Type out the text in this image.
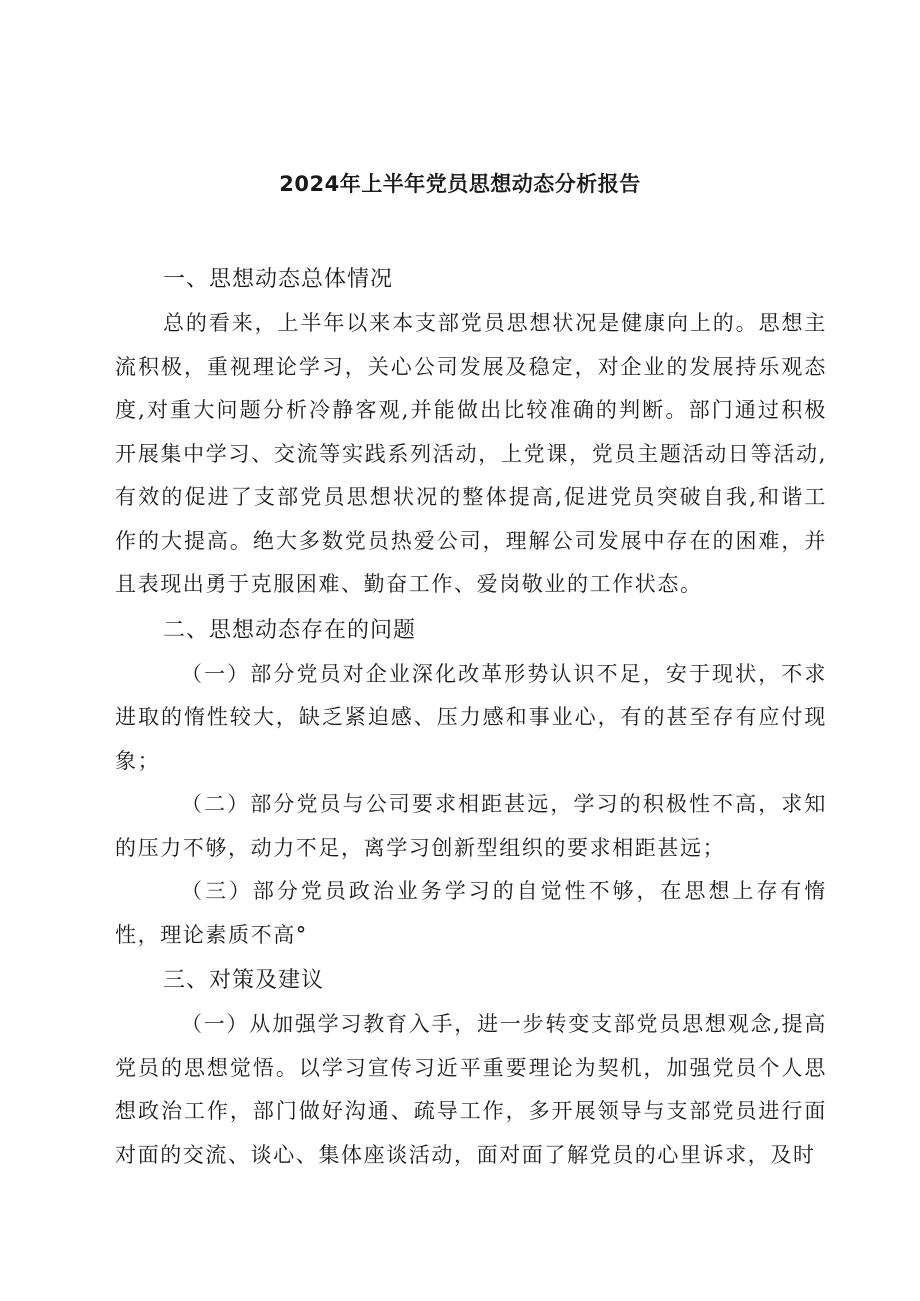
2024年上半年党员思想动态分析报告
一、思想动态总体情况

总的看来，上半年以来本支部党员思想状况是健康向上的。思想主流积极，重视理论学习，关心公司发展及稳定，对企业的发展持乐观态度,对重大问题分析冷静客观,并能做出比较准确的判断。部门通过积极开展集中学习、交流等实践系列活动，上党课，党员主题活动日等活动,有效的促进了支部党员思想状况的整体提高,促进党员突破自我,和谐工作的大提高。绝大多数党员热爱公司，理解公司发展中存在的困难，并且表现出勇于克服困难、勤奋工作、爱岗敬业的工作状态。

二、思想动态存在的问题

（一）部分党员对企业深化改革形势认识不足，安于现状，不求进取的惰性较大，缺乏紧迫感、压力感和事业心，有的甚至存有应付现象；

（二）部分党员与公司要求相距甚远，学习的积极性不高，求知的压力不够，动力不足，离学习创新型组织的要求相距甚远；

（三）部分党员政治业务学习的自觉性不够，在思想上存有惰性，理论素质不高°

三、对策及建议

（一）从加强学习教育入手，进一步转变支部党员思想观念,提高党员的思想觉悟。以学习宣传习近平重要理论为契机，加强党员个人思想政治工作，部门做好沟通、疏导工作，多开展领导与支部党员进行面对面的交流、谈心、集体座谈活动，面对面了解党员的心里诉求，及时
